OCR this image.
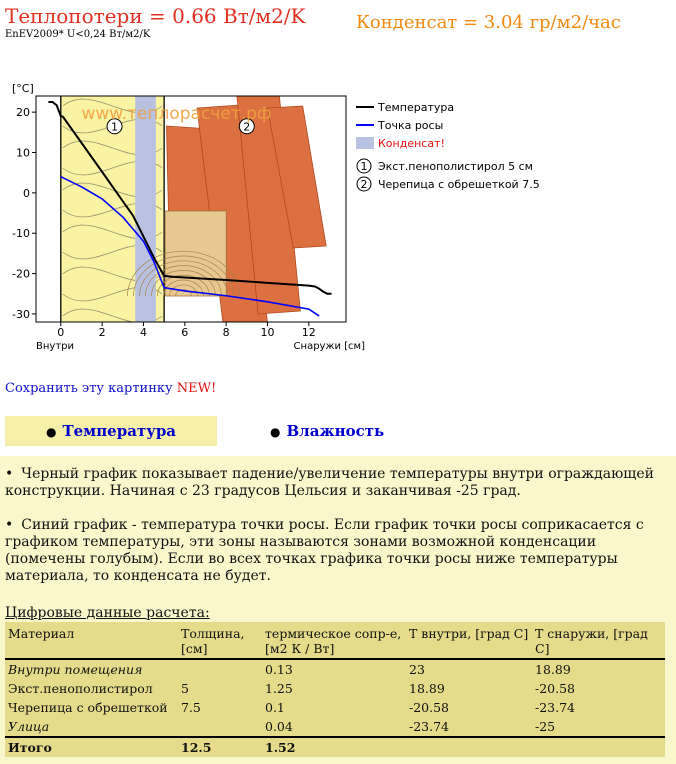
Теплопотери = 0.66 Вт/м2/K	Конденсат = 3.04 гр/м2/час
EnEV2009* U<0,24 Вт/м2/K
www.теплорасчет.рф
1	2
20
10
0
-10
-20
-30
0	2	4	6	8	10 12
[°C]
Внутри	Снаружи [см]
Температура
Точка росы
Конденсат!
1 Экст.пенополистирол 5 см
2 Черепица с обрешеткой 7.5
Сохранить эту картинку NEW!
● Температура	● Влажность
• Черный график показывает падение/увеличение температуры внутри ограждающей конструкции. Начиная с 23 градусов Цельсия и заканчивая -25 град.
• Синий график - температура точки росы. Если график точки росы соприкасается с графиком температуры, эти зоны называются зонами возможной конденсации (помечены голубым). Если во всех точках графика точки росы ниже температуры материала, то конденсата не будет.
Цифровые данные расчета:
Материал	Толщина, [см]	термическое сопр-е, [м2 К / Вт]	T внутри, [град С]	T снаружи, [град С]
Внутри помещения		0.13	23	18.89
Экст.пенополистирол	5	1.25	18.89	-20.58
Черепица с обрешеткой	7.5	0.1	-20.58	-23.74
Улица		0.04	-23.74	-25
Итого	12.5	1.52		
